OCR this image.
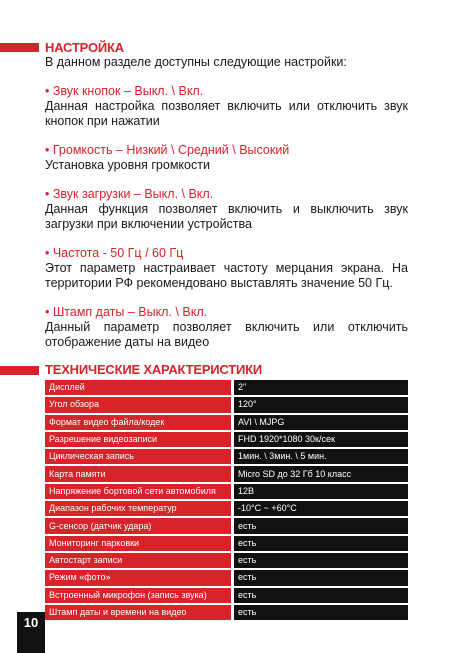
НАСТРОЙКА

В данном разделе доступны следующие настройки:

• Звук кнопок – Выкл. \ Вкл.

Данная настройка позволяет включить или отключить звук кнопок при нажатии

• Громкость – Низкий \ Средний \ Высокий

Установка уровня громкости

• Звук загрузки – Выкл. \ Вкл.

Данная функция позволяет включить и выключить звук загрузки при включении устройства

• Частота - 50 Гц / 60 Гц

Этот параметр настраивает частоту мерцания экрана. На территории РФ рекомендовано выставлять значение 50 Гц.

• Штамп даты – Выкл. \ Вкл.

Данный параметр позволяет включить или отключить отображение даты на видео

ТЕХНИЧЕСКИЕ ХАРАКТЕРИСТИКИ
Дисплей	2"
Угол обзора	120°
Формат видео файла/кодек	AVI \ MJPG
Разрешение видеозаписи	FHD 1920*1080 30к/сек
Циклическая запись	1мин. \ 3мин. \ 5 мин.
Карта памяти	Micro SD до 32 Гб 10 класс
Напряжение бортовой сети автомобиля	12В
Диапазон рабочих температур	-10°C ~ +60°C
G-сенсор (датчик удара)	есть
Мониторинг парковки	есть
Автостарт записи	есть
Режим «фото»	есть
Встроенный микрофон (запись звука)	есть
Штамп даты и времени на видео	есть
10
